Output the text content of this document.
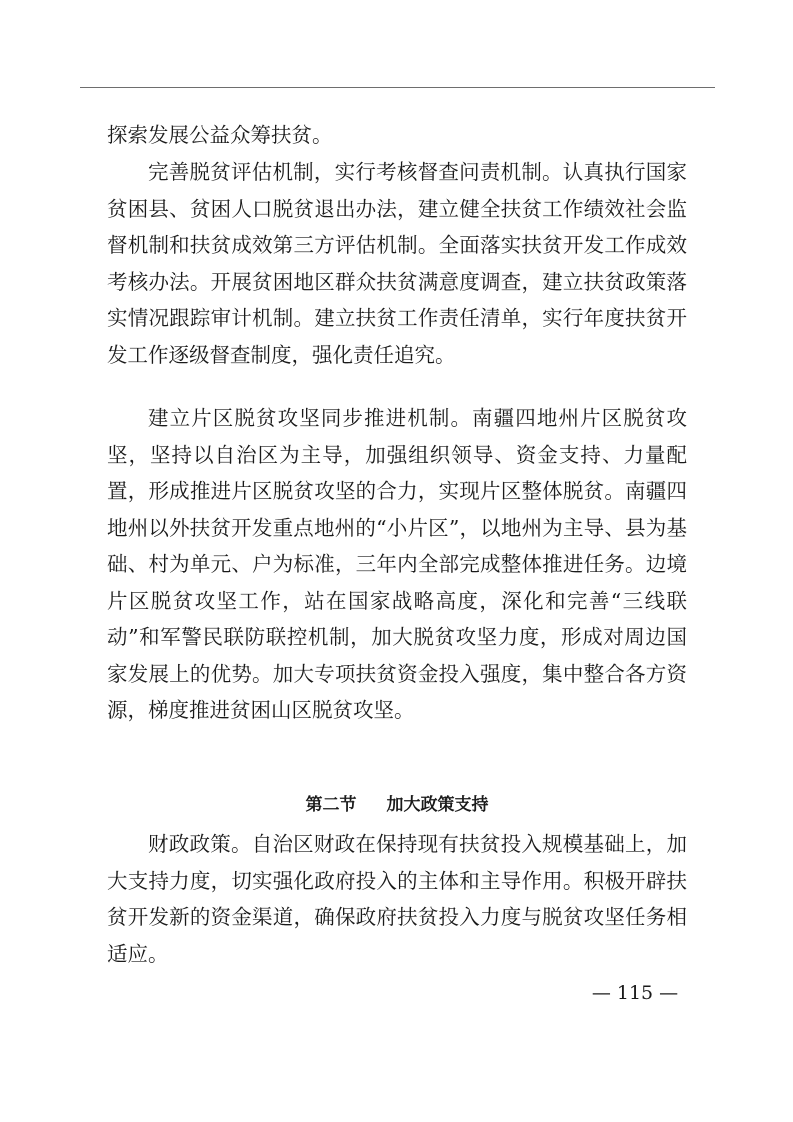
探索发展公益众筹扶贫。

完善脱贫评估机制，实行考核督查问责机制。认真执行国家贫困县、贫困人口脱贫退出办法，建立健全扶贫工作绩效社会监督机制和扶贫成效第三方评估机制。全面落实扶贫开发工作成效考核办法。开展贫困地区群众扶贫满意度调查，建立扶贫政策落实情况跟踪审计机制。建立扶贫工作责任清单，实行年度扶贫开发工作逐级督查制度，强化责任追究。

建立片区脱贫攻坚同步推进机制。南疆四地州片区脱贫攻坚，坚持以自治区为主导，加强组织领导、资金支持、力量配置，形成推进片区脱贫攻坚的合力，实现片区整体脱贫。南疆四地州以外扶贫开发重点地州的“小片区”，以地州为主导、县为基础、村为单元、户为标准，三年内全部完成整体推进任务。边境片区脱贫攻坚工作，站在国家战略高度，深化和完善“三线联动”和军警民联防联控机制，加大脱贫攻坚力度，形成对周边国家发展上的优势。加大专项扶贫资金投入强度，集中整合各方资源，梯度推进贫困山区脱贫攻坚。

第二节 加大政策支持

财政政策。自治区财政在保持现有扶贫投入规模基础上，加大支持力度，切实强化政府投入的主体和主导作用。积极开辟扶贫开发新的资金渠道，确保政府扶贫投入力度与脱贫攻坚任务相适应。

— 115 —
